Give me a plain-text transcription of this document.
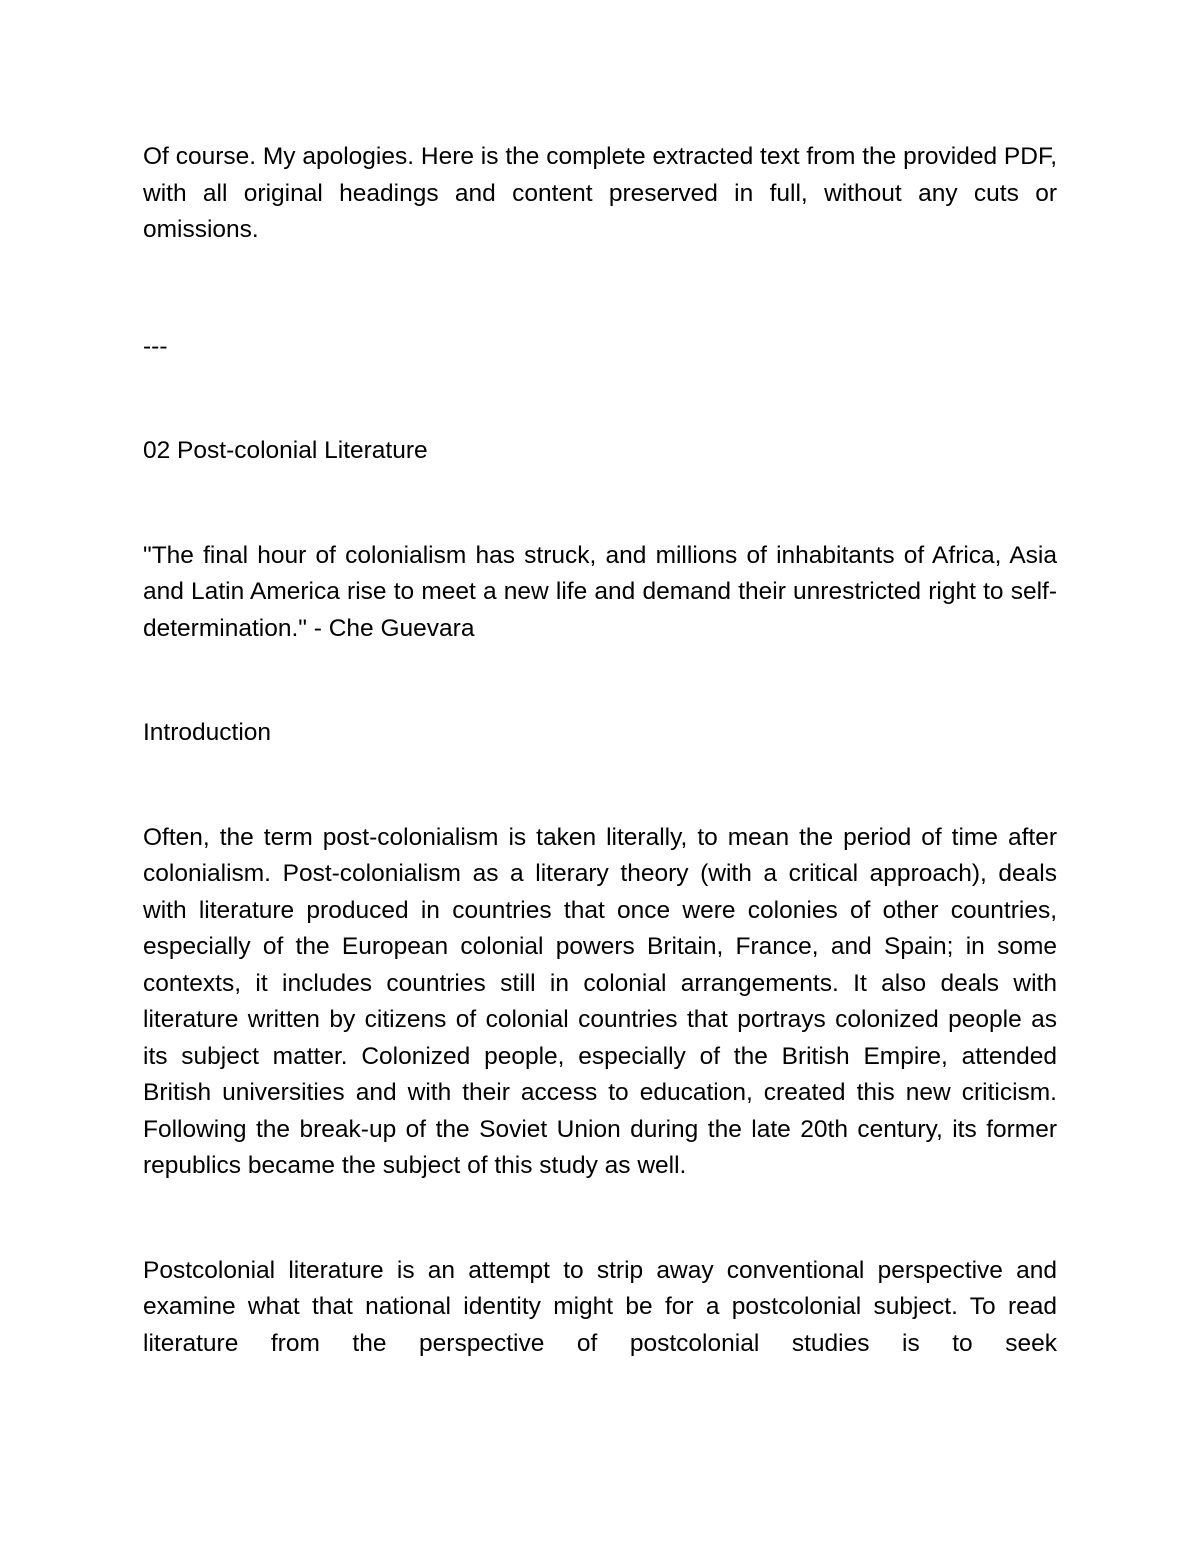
Of course. My apologies. Here is the complete extracted text from the provided PDF, with all original headings and content preserved in full, without any cuts or omissions.

---

02 Post-colonial Literature

"The final hour of colonialism has struck, and millions of inhabitants of Africa, Asia and Latin America rise to meet a new life and demand their unrestricted right to self-determination." - Che Guevara

Introduction

Often, the term post-colonialism is taken literally, to mean the period of time after colonialism. Post-colonialism as a literary theory (with a critical approach), deals with literature produced in countries that once were colonies of other countries, especially of the European colonial powers Britain, France, and Spain; in some contexts, it includes countries still in colonial arrangements. It also deals with literature written by citizens of colonial countries that portrays colonized people as its subject matter. Colonized people, especially of the British Empire, attended British universities and with their access to education, created this new criticism. Following the break-up of the Soviet Union during the late 20th century, its former republics became the subject of this study as well.

Postcolonial literature is an attempt to strip away conventional perspective and examine what that national identity might be for a postcolonial subject. To read literature from the perspective of postcolonial studies is to seek
